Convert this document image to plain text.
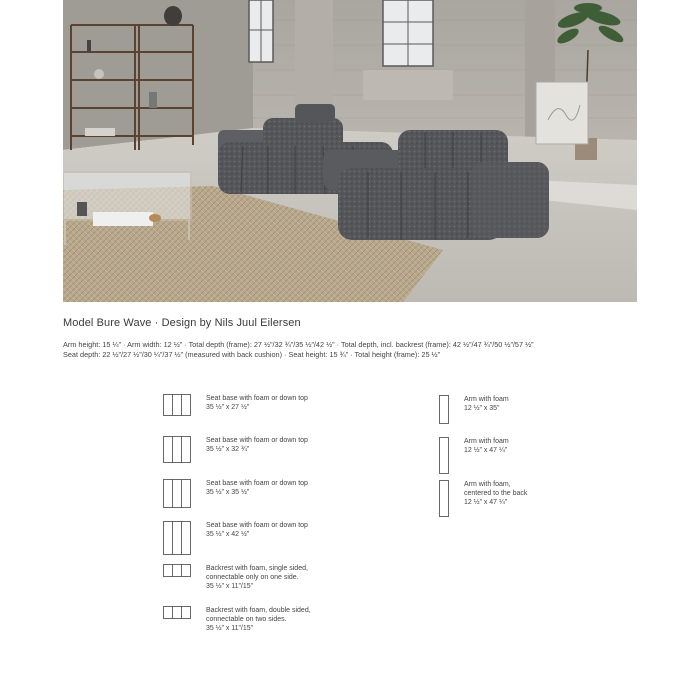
Model Bure Wave · Design by Nils Juul Eilersen
Arm height: 15 ¼” · Arm width: 12 ½” · Total depth (frame): 27 ½”/32 ¾”/35 ½”/42 ½” · Total depth, incl. backrest (frame): 42 ½”/47 ¾”/50 ½”/57 ½”
Seat depth: 22 ½”/27 ½”/30 ¼”/37 ½” (measured with back cushion) · Seat height: 15 ¾” · Total height (frame): 25 ½”
Seat base with foam or down top
35 ½” x 27 ½”
Seat base with foam or down top
35 ½” x 32 ¾”
Seat base with foam or down top
35 ½” x 35 ½”
Seat base with foam or down top
35 ½” x 42 ½”
Backrest with foam, single sided,
connectable only on one side.
35 ½” x 11”/15”
Backrest with foam, double sided,
connectable on two sides.
35 ½” x 11”/15”
Arm with foam
12 ½” x 35”
Arm with foam
12 ½” x 47 ¼”
Arm with foam,
centered to the back
12 ½” x 47 ¼”
